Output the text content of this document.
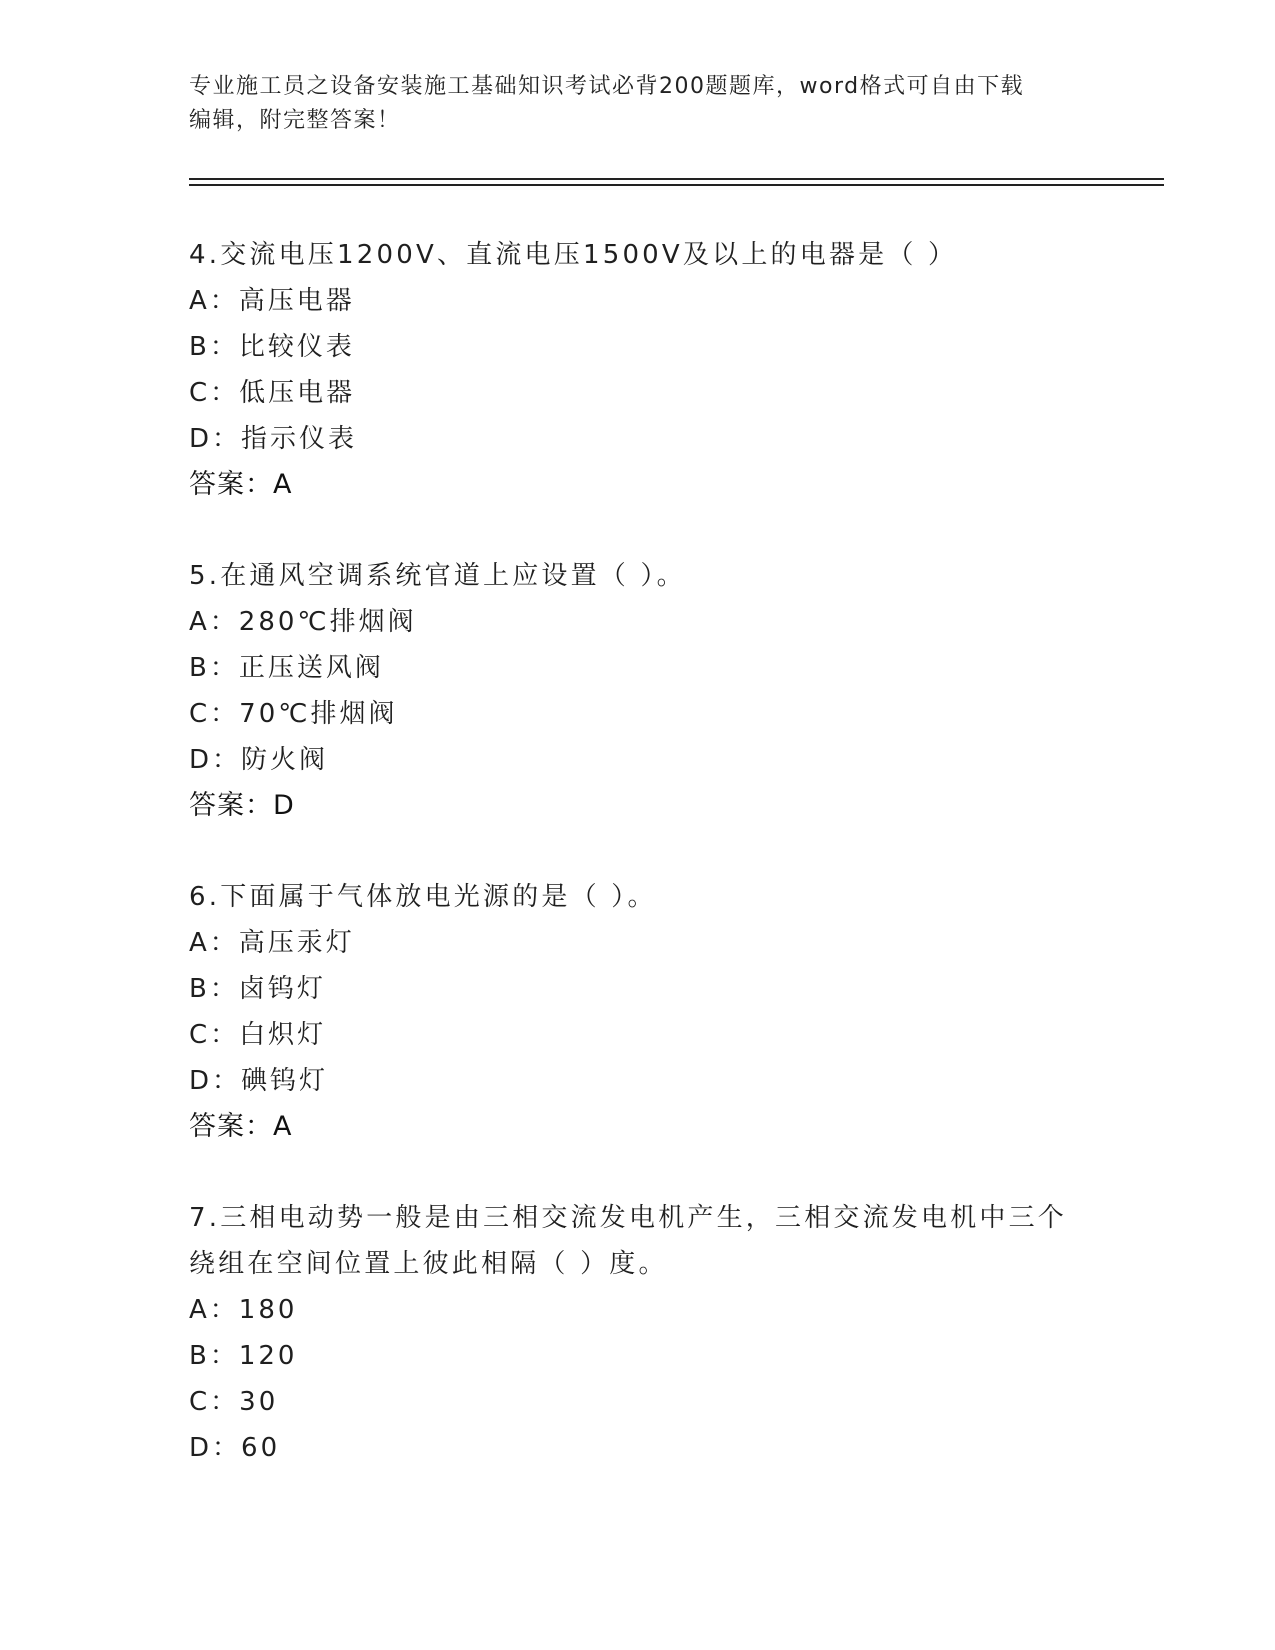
专业施工员之设备安装施工基础知识考试必背200题题库，word格式可自由下载
编辑，附完整答案！
4.交流电压1200V、直流电压1500V及以上的电器是（ ）
A：高压电器
B：比较仪表
C：低压电器
D：指示仪表
答案：A
5.在通风空调系统官道上应设置（ ）。
A：280℃排烟阀
B：正压送风阀
C：70℃排烟阀
D：防火阀
答案：D
6.下面属于气体放电光源的是（ ）。
A：高压汞灯
B：卤钨灯
C：白炽灯
D：碘钨灯
答案：A
7.三相电动势一般是由三相交流发电机产生，三相交流发电机中三个
绕组在空间位置上彼此相隔（ ）度。
A：180
B：120
C：30
D：60
